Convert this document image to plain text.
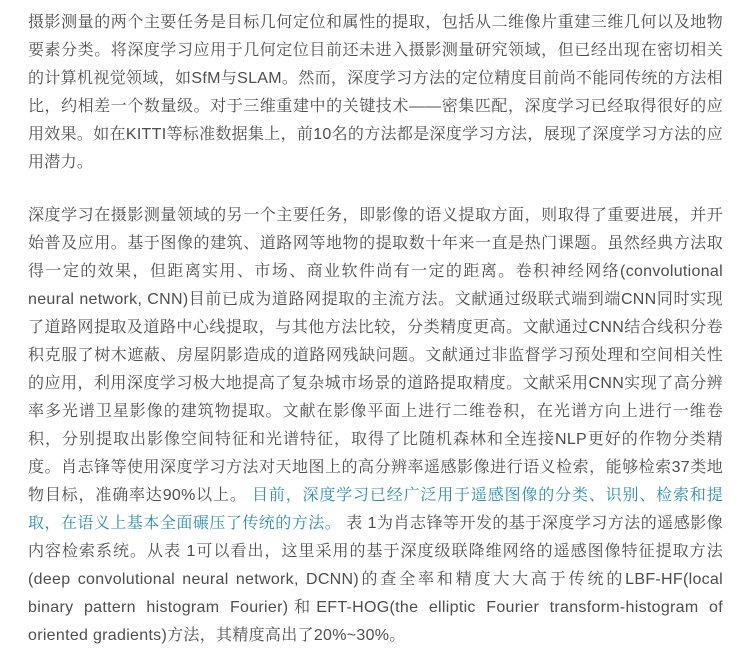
摄影测量的两个主要任务是目标几何定位和属性的提取，包括从二维像片重建三维几何以及地物要素分类。将深度学习应用于几何定位目前还未进入摄影测量研究领域，但已经出现在密切相关的计算机视觉领域，如SfM与SLAM。然而，深度学习方法的定位精度目前尚不能同传统的方法相比，约相差一个数量级。对于三维重建中的关键技术——密集匹配，深度学习已经取得很好的应用效果。如在KITTI等标准数据集上，前10名的方法都是深度学习方法，展现了深度学习方法的应用潜力。

深度学习在摄影测量领域的另一个主要任务，即影像的语义提取方面，则取得了重要进展，并开始普及应用。基于图像的建筑、道路网等地物的提取数十年来一直是热门课题。虽然经典方法取得一定的效果，但距离实用、市场、商业软件尚有一定的距离。卷积神经网络(convolutional neural network, CNN)目前已成为道路网提取的主流方法。文献通过级联式端到端CNN同时实现了道路网提取及道路中心线提取，与其他方法比较，分类精度更高。文献通过CNN结合线积分卷积克服了树木遮蔽、房屋阴影造成的道路网残缺问题。文献通过非监督学习预处理和空间相关性的应用，利用深度学习极大地提高了复杂城市场景的道路提取精度。文献采用CNN实现了高分辨率多光谱卫星影像的建筑物提取。文献在影像平面上进行二维卷积，在光谱方向上进行一维卷积，分别提取出影像空间特征和光谱特征，取得了比随机森林和全连接NLP更好的作物分类精度。肖志锋等使用深度学习方法对天地图上的高分辨率遥感影像进行语义检索，能够检索37类地物目标，准确率达90%以上。 目前，深度学习已经广泛用于遥感图像的分类、识别、检索和提取，在语义上基本全面碾压了传统的方法。 表 1为肖志锋等开发的基于深度学习方法的遥感影像内容检索系统。从表 1可以看出，这里采用的基于深度级联降维网络的遥感图像特征提取方法(deep convolutional neural network, DCNN)的查全率和精度大大高于传统的LBF-HF(local binary pattern histogram Fourier)和EFT-HOG(the elliptic Fourier transform-histogram of oriented gradients)方法，其精度高出了20%~30%。
